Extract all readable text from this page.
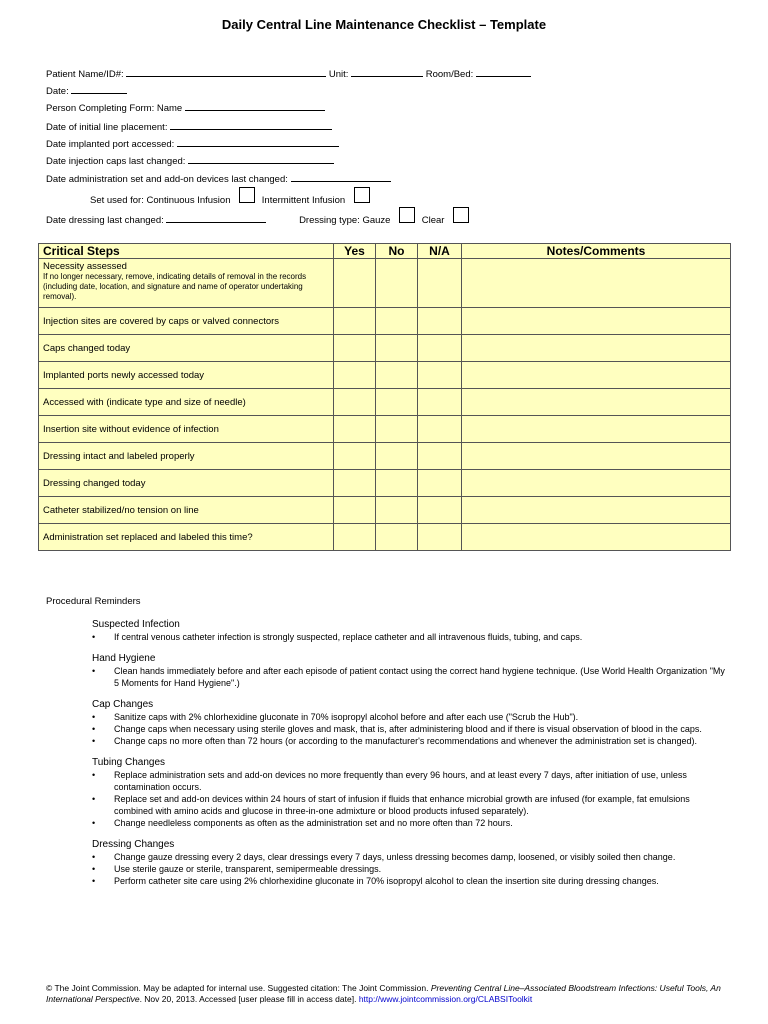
Daily Central Line Maintenance Checklist – Template
Patient Name/ID#:	Unit:	Room/Bed:
Date:
Person Completing Form: Name
Date of initial line placement:
Date implanted port accessed:
Date injection caps last changed:
Date administration set and add-on devices last changed:
Set used for: Continuous Infusion	Intermittent Infusion
Date dressing last changed:	Dressing type: Gauze	Clear
Critical Steps	Yes	No	N/A	Notes/Comments
Necessity assessed
If no longer necessary, remove, indicating details of removal in the records (including date, location, and signature and name of operator undertaking removal).				

Injection sites are covered by caps or valved connectors				
Caps changed today				
Implanted ports newly accessed today				
Accessed with (indicate type and size of needle)				
Insertion site without evidence of infection				
Dressing intact and labeled properly				
Dressing changed today				
Catheter stabilized/no tension on line				
Administration set replaced and labeled this time?				
Procedural Reminders
Suspected Infection
• If central venous catheter infection is strongly suspected, replace catheter and all intravenous fluids, tubing, and caps.
Hand Hygiene
• Clean hands immediately before and after each episode of patient contact using the correct hand hygiene technique. (Use World Health Organization "My 5 Moments for Hand Hygiene".)
Cap Changes
• Sanitize caps with 2% chlorhexidine gluconate in 70% isopropyl alcohol before and after each use ("Scrub the Hub").
• Change caps when necessary using sterile gloves and mask, that is, after administering blood and if there is visual observation of blood in the caps.
• Change caps no more often than 72 hours (or according to the manufacturer's recommendations and whenever the administration set is changed).
Tubing Changes
• Replace administration sets and add-on devices no more frequently than every 96 hours, and at least every 7 days, after initiation of use, unless contamination occurs.
• Replace set and add-on devices within 24 hours of start of infusion if fluids that enhance microbial growth are infused (for example, fat emulsions combined with amino acids and glucose in three-in-one admixture or blood products infused separately).
• Change needleless components as often as the administration set and no more often than 72 hours.
Dressing Changes
• Change gauze dressing every 2 days, clear dressings every 7 days, unless dressing becomes damp, loosened, or visibly soiled then change.
• Use sterile gauze or sterile, transparent, semipermeable dressings.
• Perform catheter site care using 2% chlorhexidine gluconate in 70% isopropyl alcohol to clean the insertion site during dressing changes.
© The Joint Commission. May be adapted for internal use. Suggested citation: The Joint Commission. Preventing Central Line–Associated Bloodstream Infections: Useful Tools, An International Perspective. Nov 20, 2013. Accessed [user please fill in access date]. http://www.jointcommission.org/CLABSIToolkit
